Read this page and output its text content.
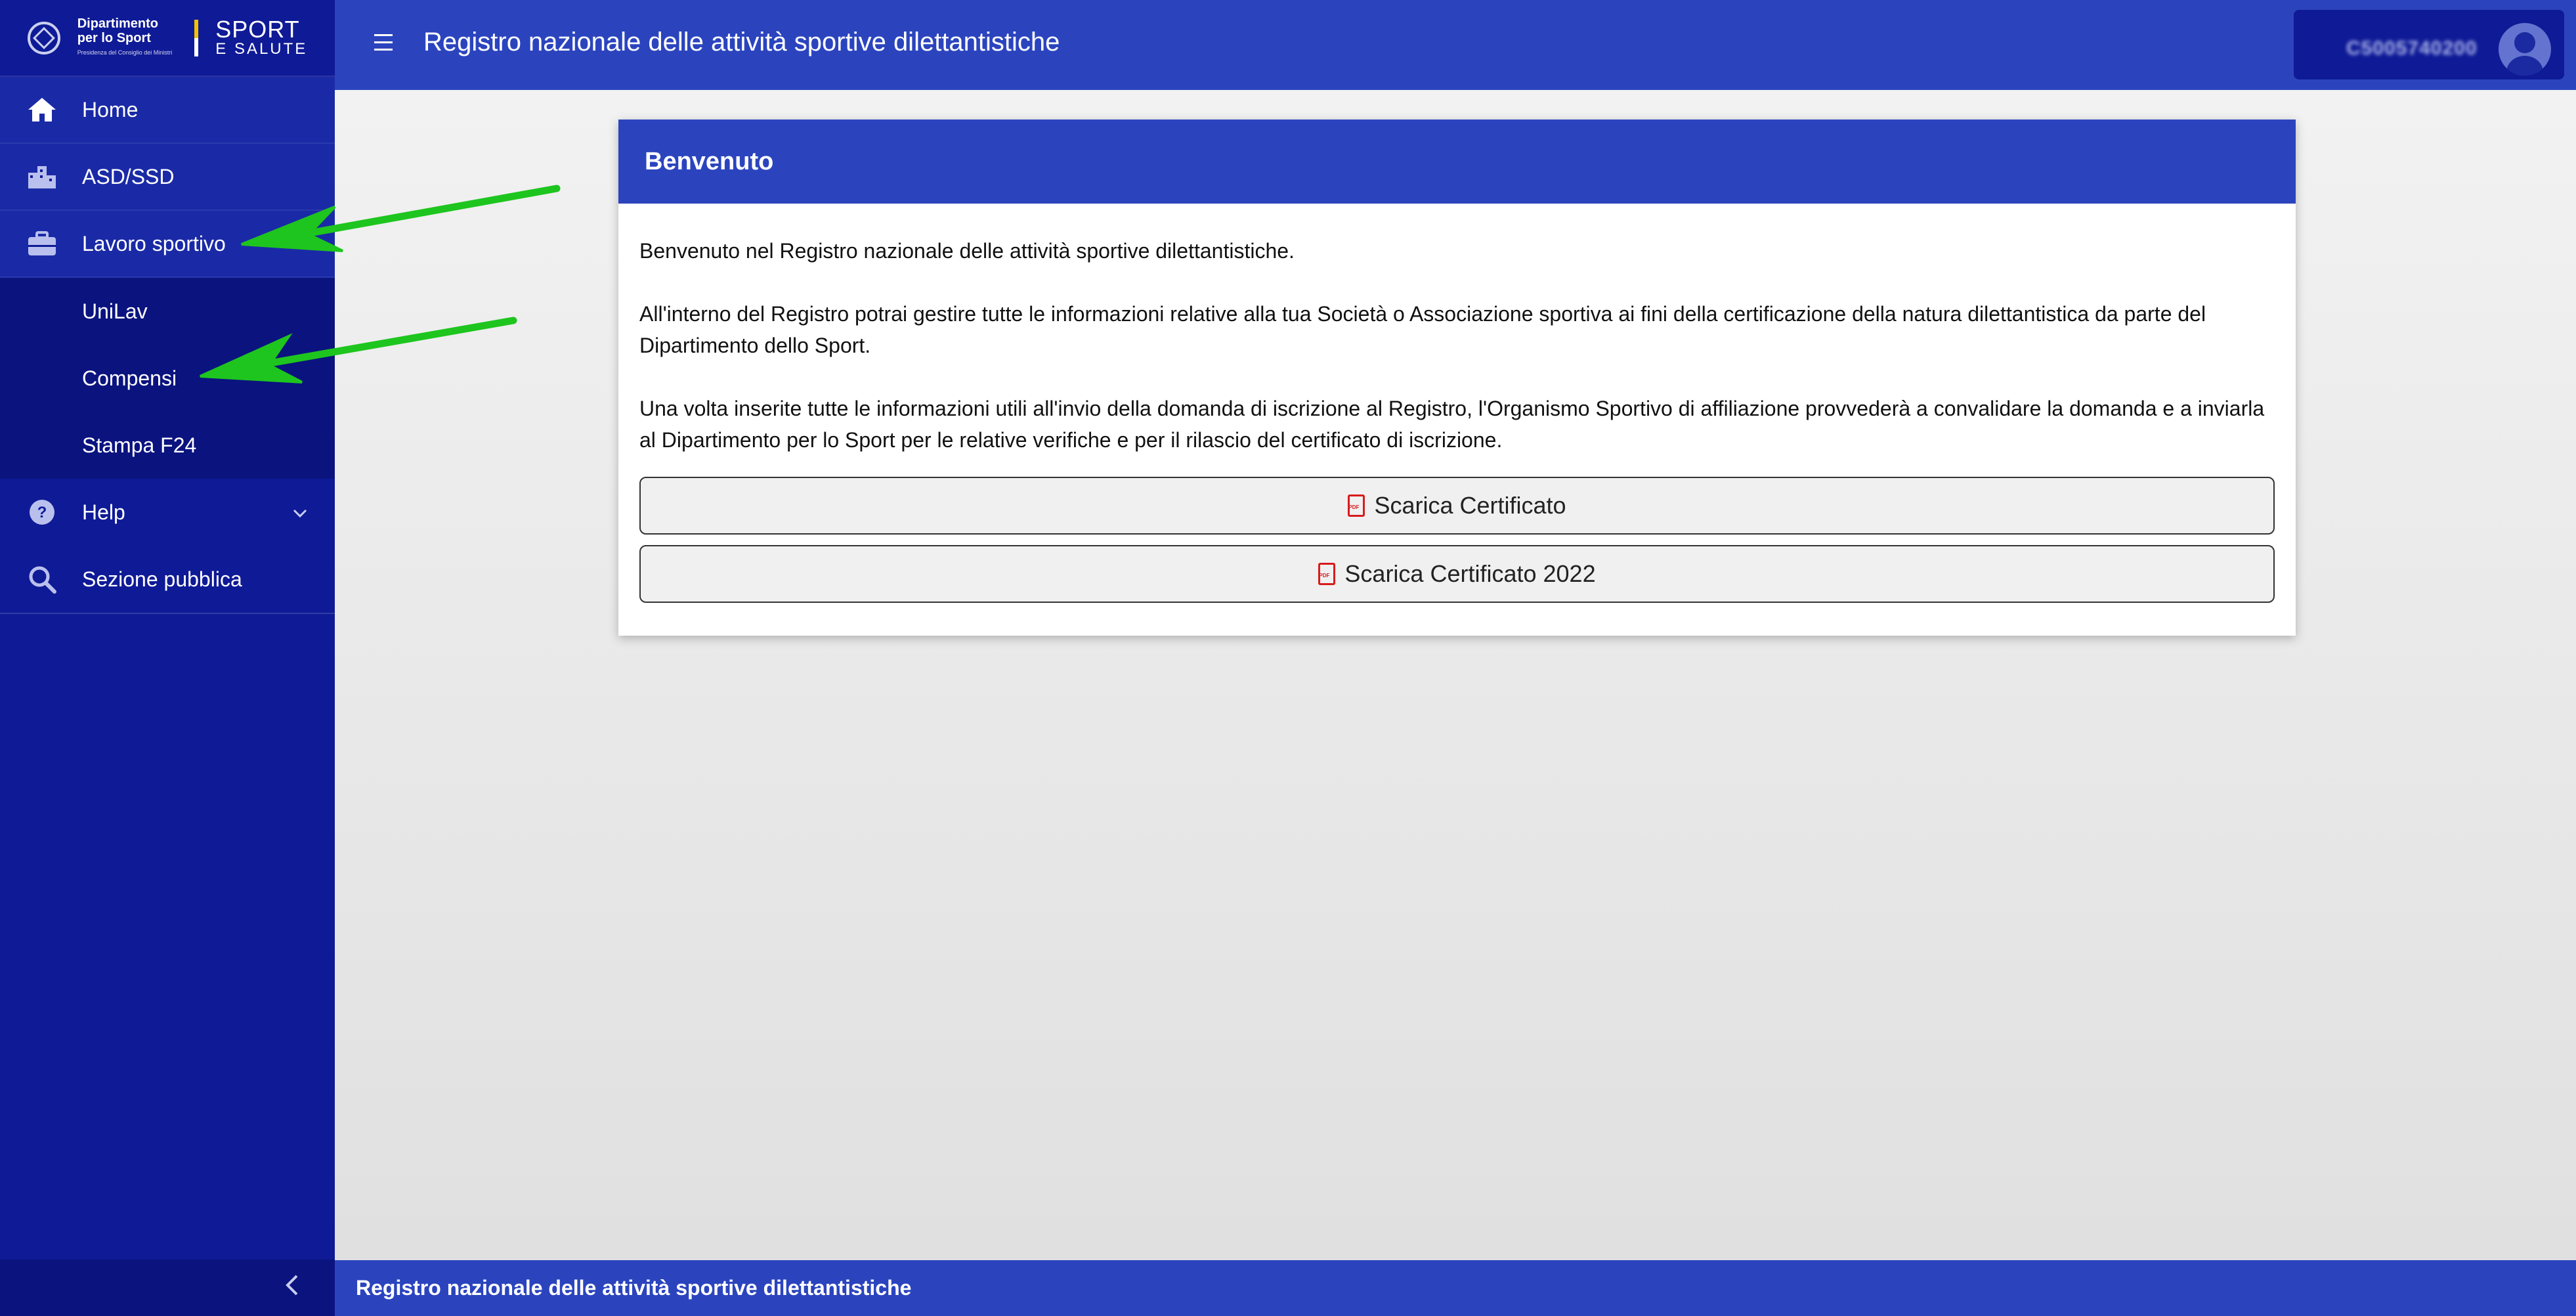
Dipartimento
per lo Sport
Presidenza del Consiglio dei Ministri
SPORT
E SALUTE
Home
ASD/SSD
Lavoro sportivo
UniLav
Compensi
Stampa F24
? Help
Sezione pubblica
Registro nazionale delle attività sportive dilettantistiche	C5005740200
Benvenuto

Benvenuto nel Registro nazionale delle attività sportive dilettantistiche.

All'interno del Registro potrai gestire tutte le informazioni relative alla tua Società o Associazione sportiva ai fini della certificazione della natura dilettantistica da parte del Dipartimento dello Sport.

Una volta inserite tutte le informazioni utili all'invio della domanda di iscrizione al Registro, l'Organismo Sportivo di affiliazione provvederà a convalidare la domanda e a inviarla al Dipartimento per lo Sport per le relative verifiche e per il rilascio del certificato di iscrizione.

PDF
Scarica Certificato
PDF
Scarica Certificato 2022
Registro nazionale delle attività sportive dilettantistiche
